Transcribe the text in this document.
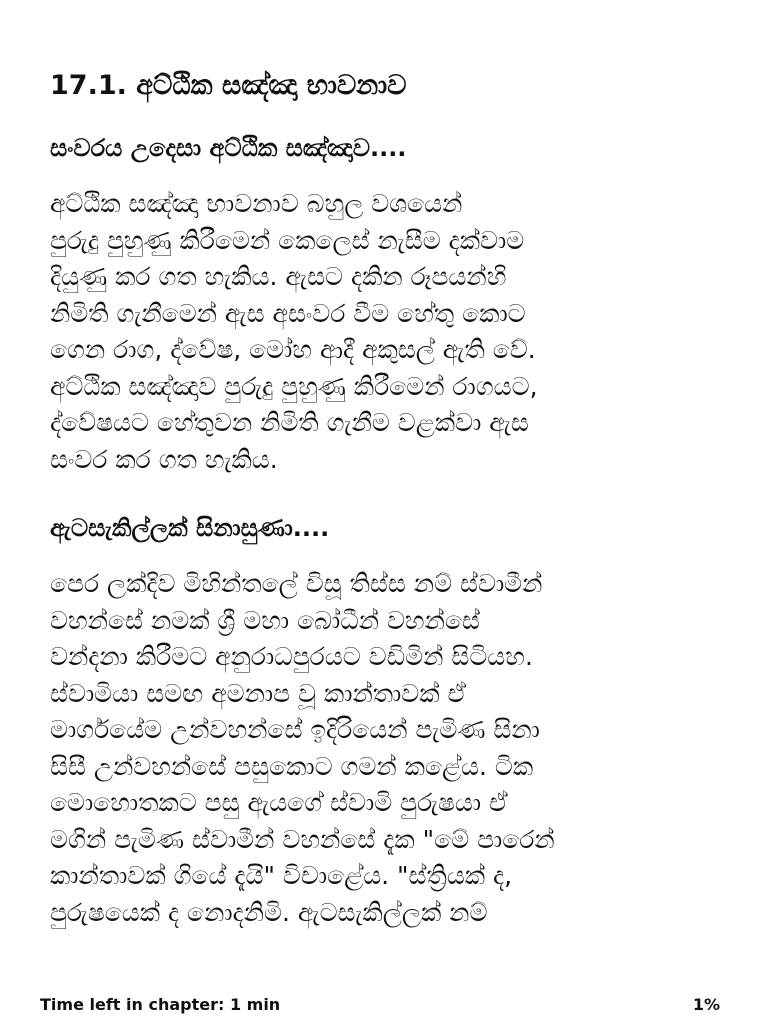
17.1. අට්ඨික සඤ්ඤා භාවනාව
සංවරය උදෙසා අට්ඨික සඤ්ඤාව....
අට්ඨික සඤ්ඤා භාවනාව බහුල වශයෙන්
පුරුදු පුහුණු කිරීමෙන් කෙලෙස් නැසීම දක්වාම
දියුණු කර ගත හැකිය. ඇසට දකින රූපයන්හි
නිමිති ගැනීමෙන් ඇස අසංවර වීම හේතු කොට
ගෙන රාග, ද්වේෂ, මෝහ ආදී අකුසල් ඇති වේ.
අට්ඨික සඤ්ඤාව පුරුදු පුහුණු කිරීමෙන් රාගයට,
ද්වේෂයට හේතුවන නිමිති ගැනීම වළක්වා ඇස
සංවර කර ගත හැකිය.
ඇටසැකිල්ලක් සිනාසුණා....
පෙර ලක්දිව මිහින්තලේ විසූ තිස්ස නම් ස්වාමීන්
වහන්සේ නමක් ශ්‍රී මහා බෝධීන් වහන්සේ
වන්දනා කිරීමට අනුරාධපුරයට වඩිමින් සිටියහ.
ස්වාමියා සමඟ අමනාප වූ කාන්තාවක් ඒ
මාර්ගයේම උන්වහන්සේ ඉදිරියෙන් පැමිණ සිනා
සිසී උන්වහන්සේ පසුකොට ගමන් කළේය. ටික
මොහොතකට පසු ඇයගේ ස්වාමි පුරුෂයා ඒ
මගින් පැමිණ ස්වාමීන් වහන්සේ දැක "මේ පාරෙන්
කාන්තාවක් ගියේ දැයි" විචාළේය. "ස්ත්‍රියක් ද,
පුරුෂයෙක් ද නොදනිමි. ඇටසැකිල්ලක් නම්
Time left in chapter: 1 min	1%
